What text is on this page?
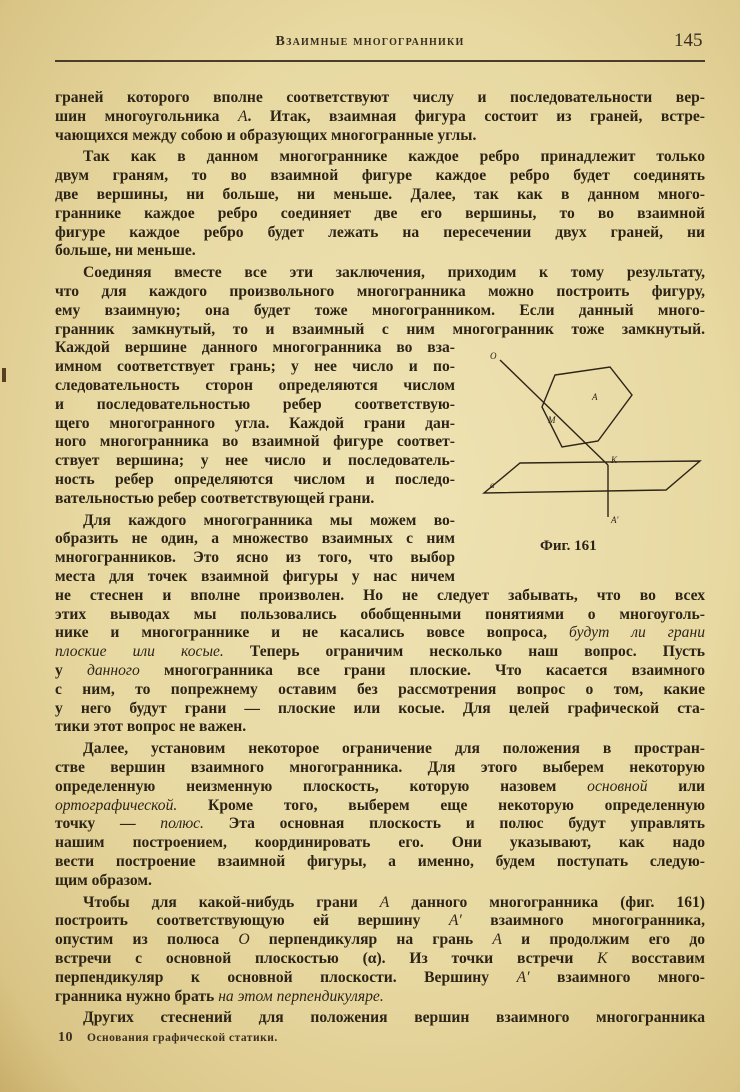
Взаимные многогранники	145
граней которого вполне соответствуют числу и последовательности вер-
шин многоугольника A. Итак, взаимная фигура состоит из граней, встре-
чающихся между собою и образующих многогранные углы.
Так как в данном многограннике каждое ребро принадлежит только
двум граням, то во взаимной фигуре каждое ребро будет соединять
две вершины, ни больше, ни меньше. Далее, так как в данном много-
граннике каждое ребро соединяет две его вершины, то во взаимной
фигуре каждое ребро будет лежать на пересечении двух граней, ни
больше, ни меньше.
Соединяя вместе все эти заключения, приходим к тому результату,
что для каждого произвольного многогранника можно построить фигуру,
ему взаимную; она будет тоже многогранником. Если данный много-
гранник замкнутый, то и взаимный с ним многогранник тоже замкнутый.
Каждой вершине данного многогранника во вза-
имном соответствует грань; у нее число и по-
следовательность сторон определяются числом
и последовательностью ребер соответствую-
щего многогранного угла. Каждой грани дан-
ного многогранника во взаимной фигуре соответ-
ствует вершина; у нее число и последователь-
ность ребер определяются числом и последо-
вательностью ребер соответствующей грани.
Для каждого многогранника мы можем во-
образить не один, а множество взаимных с ним
многогранников. Это ясно из того, что выбор
места для точек взаимной фигуры у нас ничем
не стеснен и вполне произволен. Но не следует забывать, что во всех
этих выводах мы пользовались обобщенными понятиями о многоуголь-
нике и многограннике и не касались вовсе вопроса, будут ли грани
плоские или косые. Теперь ограничим несколько наш вопрос. Пусть
у данного многогранника все грани плоские. Что касается взаимного
с ним, то попрежнему оставим без рассмотрения вопрос о том, какие
у него будут грани — плоские или косые. Для целей графической ста-
тики этот вопрос не важен.
Далее, установим некоторое ограничение для положения в простран-
стве вершин взаимного многогранника. Для этого выберем некоторую
определенную неизменную плоскость, которую назовем основной или
ортографической. Кроме того, выберем еще некоторую определенную
точку — полюс. Эта основная плоскость и полюс будут управлять
нашим построением, координировать его. Они указывают, как надо
вести построение взаимной фигуры, а именно, будем поступать следую-
щим образом.
Чтобы для какой-нибудь грани A данного многогранника (фиг. 161)
построить соответствующую ей вершину A′ взаимного многогранника,
опустим из полюса O перпендикуляр на грань A и продолжим его до
встречи с основной плоскостью (α). Из точки встречи K восставим
перпендикуляр к основной плоскости. Вершину A′ взаимного много-
гранника нужно брать на этом перпендикуляре.
Других стеснений для положения вершин взаимного многогранника
O
A
M
K
a
A'
Фиг. 161
10 Основания графической статики.
